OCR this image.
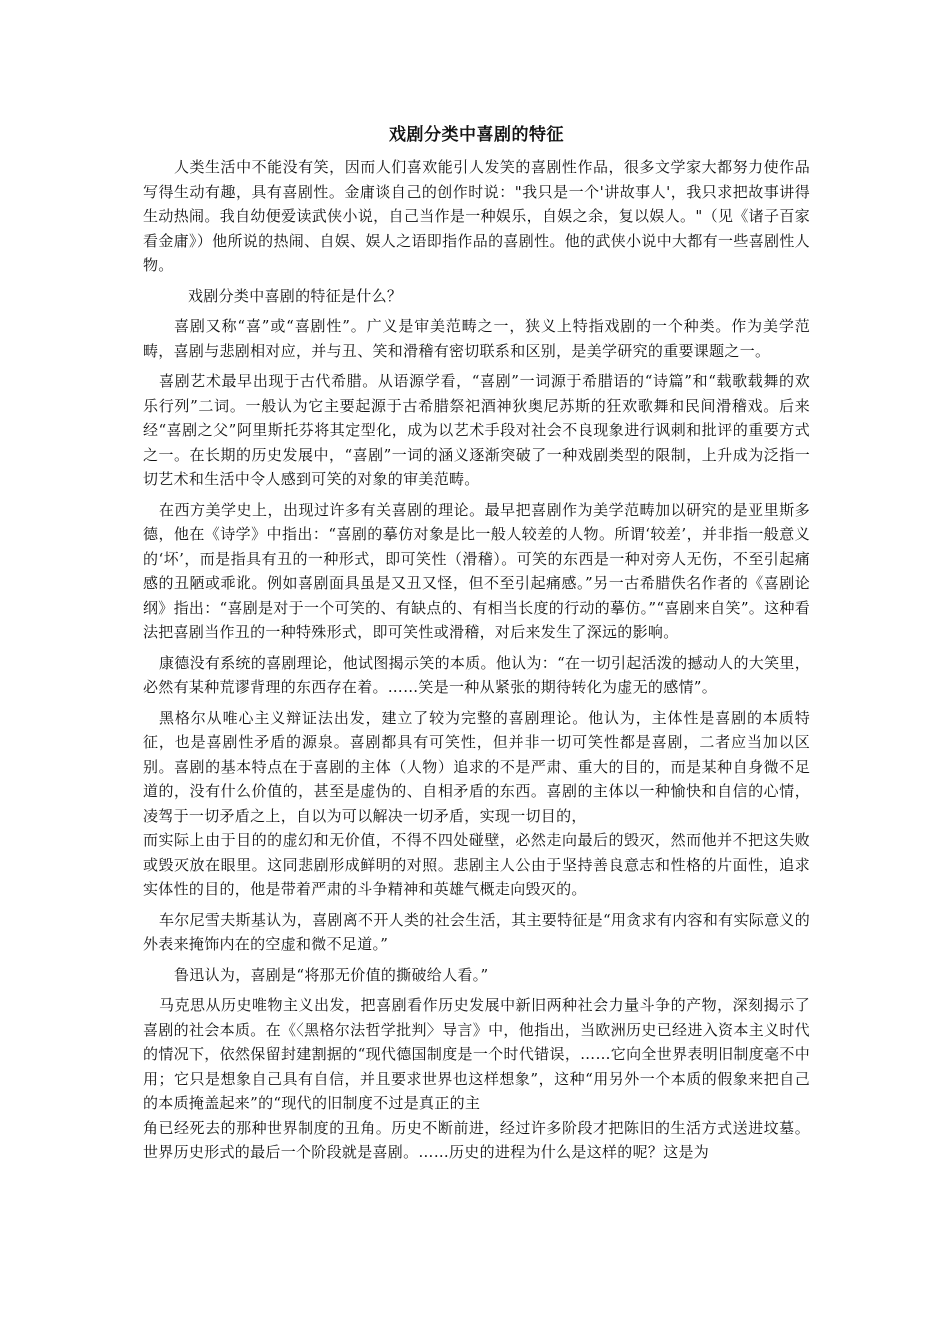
戏剧分类中喜剧的特征

人类生活中不能没有笑，因而人们喜欢能引人发笑的喜剧性作品，很多文学家大都努力使作品写得生动有趣，具有喜剧性。金庸谈自己的创作时说："我只是一个'讲故事人'，我只求把故事讲得生动热闹。我自幼便爱读武侠小说，自己当作是一种娱乐，自娱之余，复以娱人。"（见《诸子百家看金庸》）他所说的热闹、自娱、娱人之语即指作品的喜剧性。他的武侠小说中大都有一些喜剧性人物。

戏剧分类中喜剧的特征是什么？

喜剧又称“喜”或“喜剧性”。广义是审美范畴之一，狭义上特指戏剧的一个种类。作为美学范畴，喜剧与悲剧相对应，并与丑、笑和滑稽有密切联系和区别，是美学研究的重要课题之一。

喜剧艺术最早出现于古代希腊。从语源学看，“喜剧”一词源于希腊语的“诗篇”和“载歌载舞的欢乐行列”二词。一般认为它主要起源于古希腊祭祀酒神狄奥尼苏斯的狂欢歌舞和民间滑稽戏。后来经“喜剧之父”阿里斯托芬将其定型化，成为以艺术手段对社会不良现象进行讽刺和批评的重要方式之一。在长期的历史发展中，“喜剧”一词的涵义逐渐突破了一种戏剧类型的限制，上升成为泛指一切艺术和生活中令人感到可笑的对象的审美范畴。

在西方美学史上，出现过许多有关喜剧的理论。最早把喜剧作为美学范畴加以研究的是亚里斯多德，他在《诗学》中指出：“喜剧的摹仿对象是比一般人较差的人物。所谓‘较差’，并非指一般意义的‘坏’，而是指具有丑的一种形式，即可笑性（滑稽）。可笑的东西是一种对旁人无伤，不至引起痛感的丑陋或乖讹。例如喜剧面具虽是又丑又怪，但不至引起痛感。”另一古希腊佚名作者的《喜剧论纲》指出：“喜剧是对于一个可笑的、有缺点的、有相当长度的行动的摹仿。”“喜剧来自笑”。这种看法把喜剧当作丑的一种特殊形式，即可笑性或滑稽，对后来发生了深远的影响。

康德没有系统的喜剧理论，他试图揭示笑的本质。他认为：“在一切引起活泼的撼动人的大笑里，必然有某种荒谬背理的东西存在着。……笑是一种从紧张的期待转化为虚无的感情”。

黑格尔从唯心主义辩证法出发，建立了较为完整的喜剧理论。他认为，主体性是喜剧的本质特征，也是喜剧性矛盾的源泉。喜剧都具有可笑性，但并非一切可笑性都是喜剧，二者应当加以区别。喜剧的基本特点在于喜剧的主体（人物）追求的不是严肃、重大的目的，而是某种自身微不足道的，没有什么价值的，甚至是虚伪的、自相矛盾的东西。喜剧的主体以一种愉快和自信的心情，凌驾于一切矛盾之上，自以为可以解决一切矛盾，实现一切目的，

而实际上由于目的的虚幻和无价值，不得不四处碰壁，必然走向最后的毁灭，然而他并不把这失败或毁灭放在眼里。这同悲剧形成鲜明的对照。悲剧主人公由于坚持善良意志和性格的片面性，追求实体性的目的，他是带着严肃的斗争精神和英雄气概走向毁灭的。

车尔尼雪夫斯基认为，喜剧离不开人类的社会生活，其主要特征是“用贪求有内容和有实际意义的外表来掩饰内在的空虚和微不足道。”

鲁迅认为，喜剧是“将那无价值的撕破给人看。”

马克思从历史唯物主义出发，把喜剧看作历史发展中新旧两种社会力量斗争的产物，深刻揭示了喜剧的社会本质。在《〈黑格尔法哲学批判〉导言》中，他指出，当欧洲历史已经进入资本主义时代的情况下，依然保留封建割据的“现代德国制度是一个时代错误，……它向全世界表明旧制度毫不中用；它只是想象自己具有自信，并且要求世界也这样想象”，这种“用另外一个本质的假象来把自己的本质掩盖起来”的“现代的旧制度不过是真正的主

角已经死去的那种世界制度的丑角。历史不断前进，经过许多阶段才把陈旧的生活方式送进坟墓。世界历史形式的最后一个阶段就是喜剧。……历史的进程为什么是这样的呢？这是为
